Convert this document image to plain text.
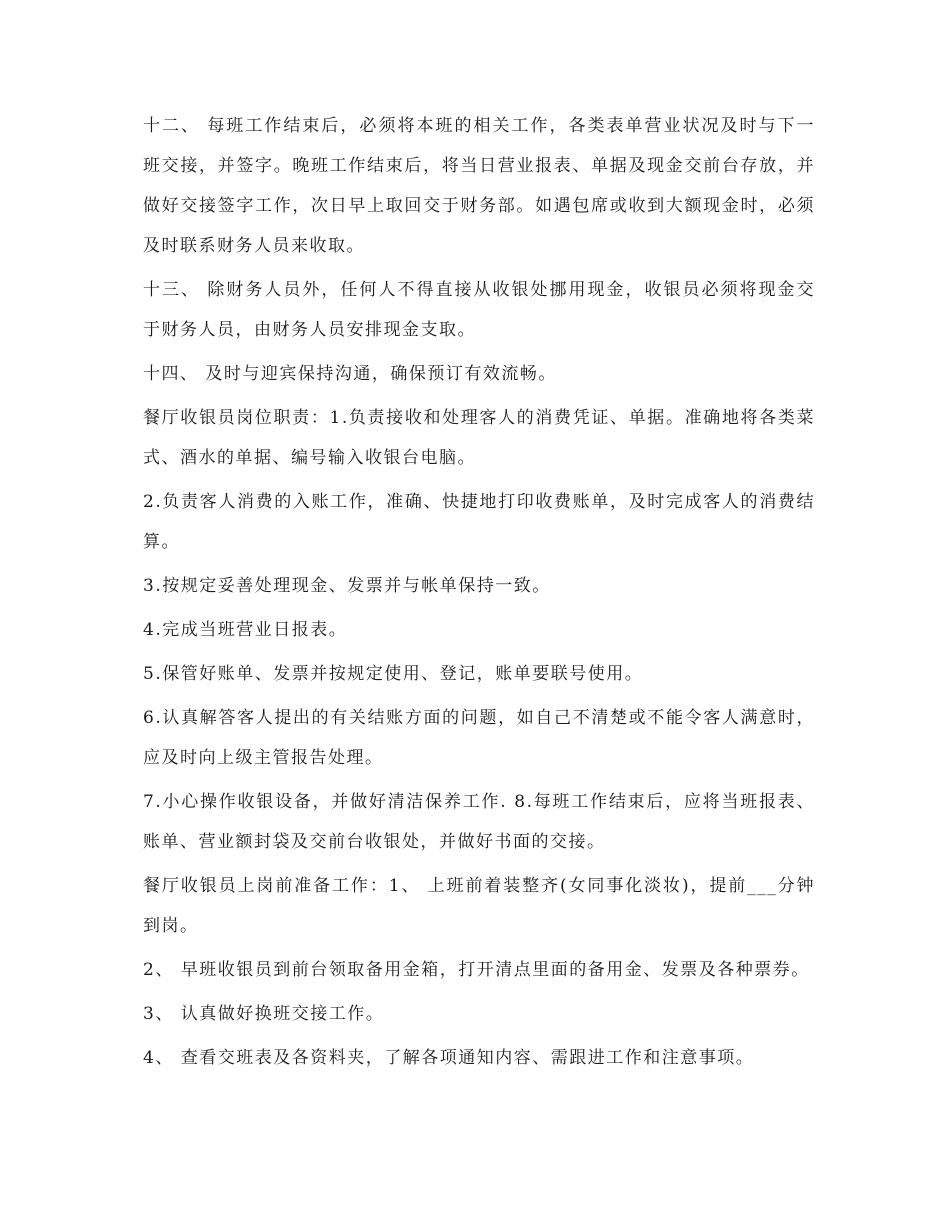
十二、 每班工作结束后，必须将本班的相关工作，各类表单营业状况及时与下一班交接，并签字。晚班工作结束后，将当日营业报表、单据及现金交前台存放，并做好交接签字工作，次日早上取回交于财务部。如遇包席或收到大额现金时，必须及时联系财务人员来收取。

十三、 除财务人员外，任何人不得直接从收银处挪用现金，收银员必须将现金交于财务人员，由财务人员安排现金支取。

十四、 及时与迎宾保持沟通，确保预订有效流畅。

餐厅收银员岗位职责：1.负责接收和处理客人的消费凭证、单据。准确地将各类菜式、酒水的单据、编号输入收银台电脑。

2.负责客人消费的入账工作，准确、快捷地打印收费账单，及时完成客人的消费结算。

3.按规定妥善处理现金、发票并与帐单保持一致。

4.完成当班营业日报表。

5.保管好账单、发票并按规定使用、登记，账单要联号使用。

6.认真解答客人提出的有关结账方面的问题，如自己不清楚或不能令客人满意时，应及时向上级主管报告处理。

7.小心操作收银设备，并做好清洁保养工作. 8.每班工作结束后，应将当班报表、账单、营业额封袋及交前台收银处，并做好书面的交接。

餐厅收银员上岗前准备工作：1、 上班前着装整齐(女同事化淡妆)，提前___分钟到岗。

2、 早班收银员到前台领取备用金箱，打开清点里面的备用金、发票及各种票券。

3、 认真做好换班交接工作。

4、 查看交班表及各资料夹，了解各项通知内容、需跟进工作和注意事项。
